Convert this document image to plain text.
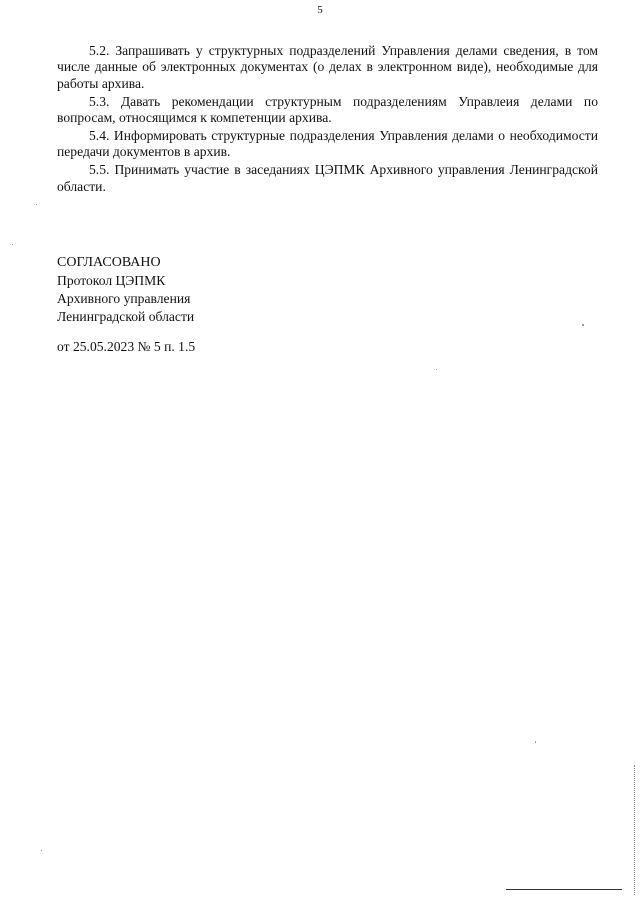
5

5.2. Запрашивать у структурных подразделений Управления делами сведения, в том числе данные об электронных документах (о делах в электронном виде), необходимые для работы архива.

5.3. Давать рекомендации структурным подразделениям Управлеия делами по вопросам, относящимся к компетенции архива.

5.4. Информировать структурные подразделения Управления делами о необходимости передачи документов в архив.

5.5. Принимать участие в заседаниях ЦЭПМК Архивного управления Ленинградской области.

СОГЛАСОВАНО
Протокол ЦЭПМК
Архивного управления
Ленинградской области
от 25.05.2023 № 5 п. 1.5
